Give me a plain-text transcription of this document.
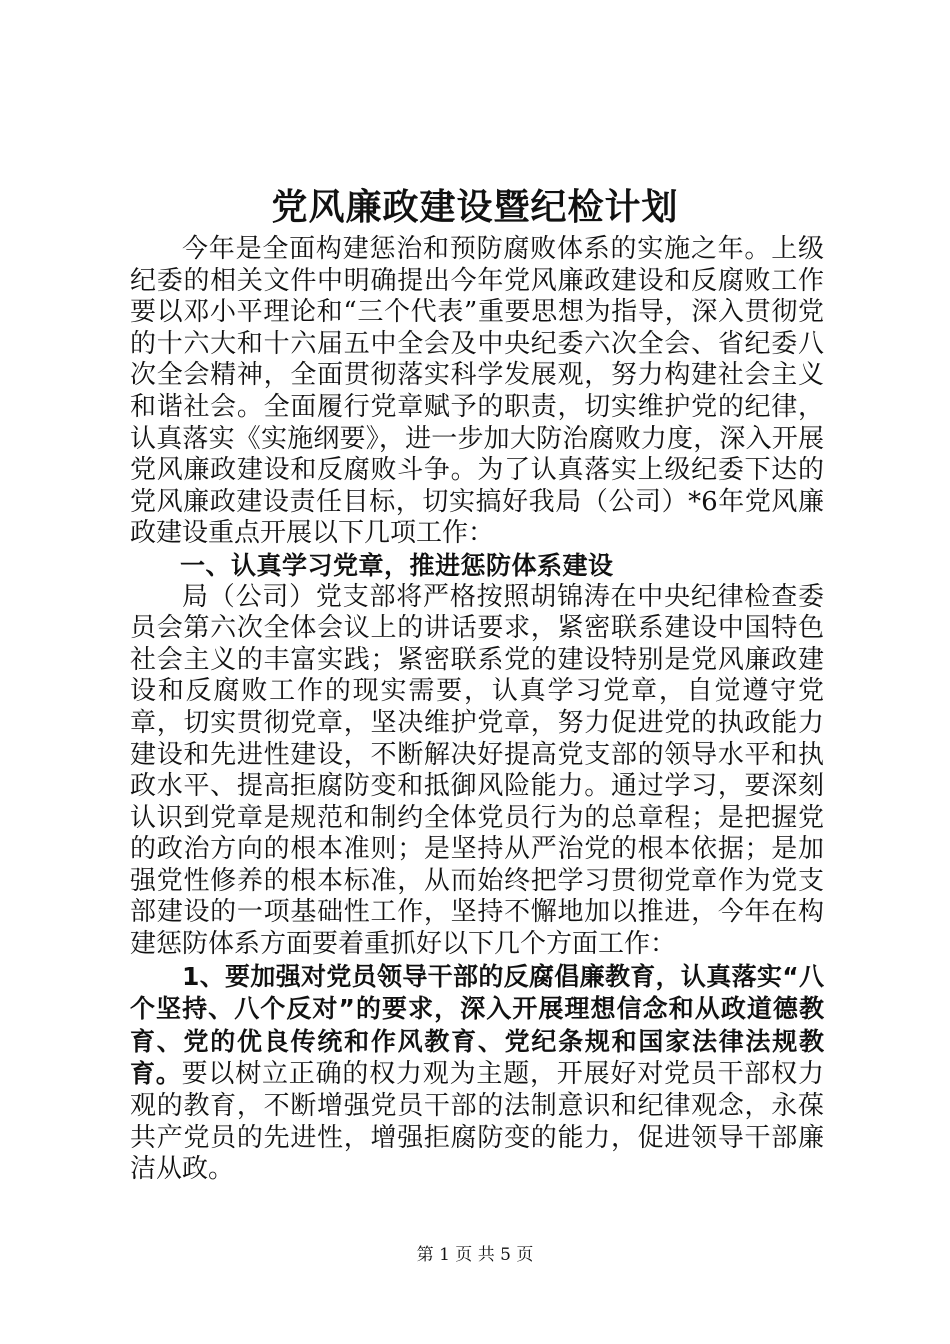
党风廉政建设暨纪检计划

今年是全面构建惩治和预防腐败体系的实施之年。上级纪委的相关文件中明确提出今年党风廉政建设和反腐败工作要以邓小平理论和“三个代表”重要思想为指导，深入贯彻党的十六大和十六届五中全会及中央纪委六次全会、省纪委八次全会精神，全面贯彻落实科学发展观，努力构建社会主义和谐社会。全面履行党章赋予的职责，切实维护党的纪律，认真落实《实施纲要》，进一步加大防治腐败力度，深入开展党风廉政建设和反腐败斗争。为了认真落实上级纪委下达的党风廉政建设责任目标，切实搞好我局（公司）*6年党风廉政建设重点开展以下几项工作：

一、认真学习党章，推进惩防体系建设

局（公司）党支部将严格按照胡锦涛在中央纪律检查委员会第六次全体会议上的讲话要求，紧密联系建设中国特色社会主义的丰富实践；紧密联系党的建设特别是党风廉政建设和反腐败工作的现实需要，认真学习党章，自觉遵守党章，切实贯彻党章，坚决维护党章，努力促进党的执政能力建设和先进性建设，不断解决好提高党支部的领导水平和执政水平、提高拒腐防变和抵御风险能力。通过学习，要深刻认识到党章是规范和制约全体党员行为的总章程；是把握党的政治方向的根本准则；是坚持从严治党的根本依据；是加强党性修养的根本标准，从而始终把学习贯彻党章作为党支部建设的一项基础性工作，坚持不懈地加以推进，今年在构建惩防体系方面要着重抓好以下几个方面工作：

1、要加强对党员领导干部的反腐倡廉教育，认真落实“八个坚持、八个反对”的要求，深入开展理想信念和从政道德教育、党的优良传统和作风教育、党纪条规和国家法律法规教育。要以树立正确的权力观为主题，开展好对党员干部权力观的教育，不断增强党员干部的法制意识和纪律观念，永葆共产党员的先进性，增强拒腐防变的能力，促进领导干部廉洁从政。

第 1 页 共 5 页
